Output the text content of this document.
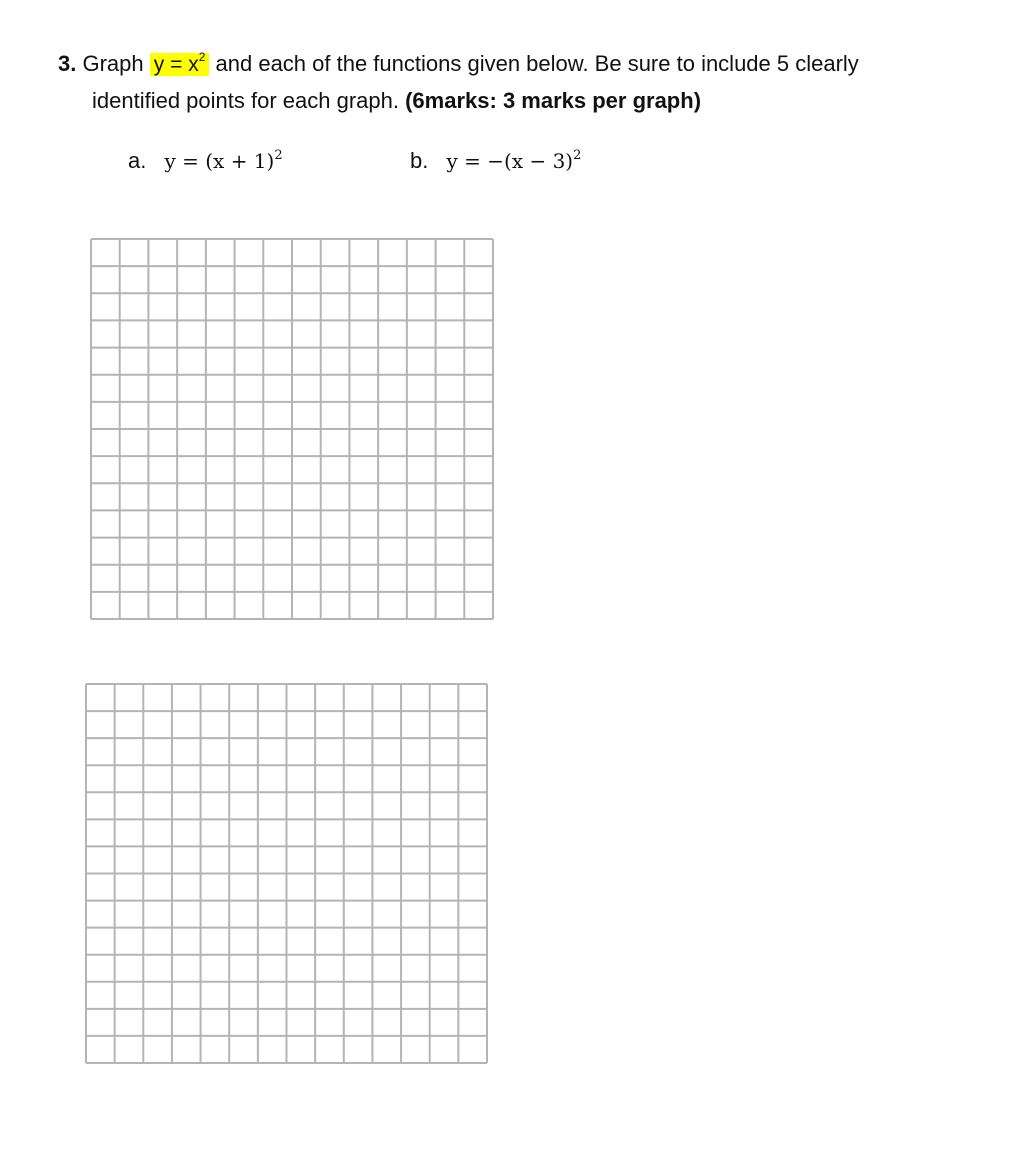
3. Graph $y = x^2$ and each of the functions given below. Be sure to include 5 clearly
identified points for each graph. (6marks: 3 marks per graph)
a. $y = (x + 1)^2$	b. $y = -(x - 3)^2$
